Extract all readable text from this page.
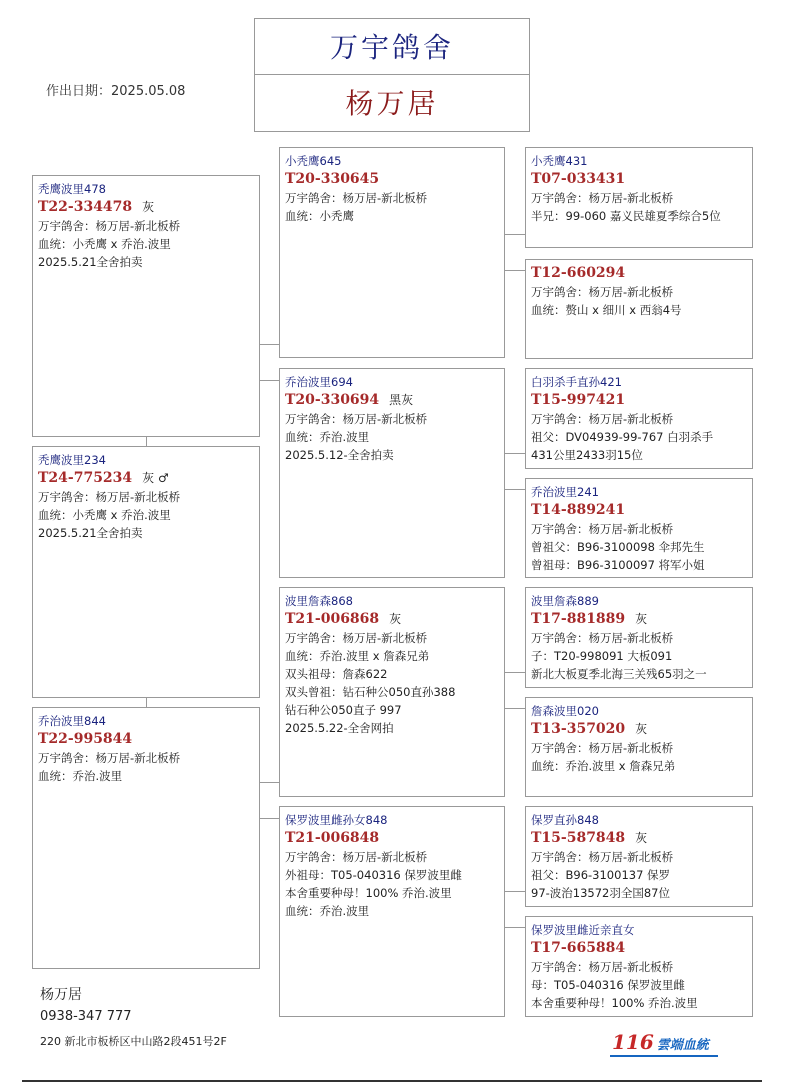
万宇鸽舍
杨万居
作出日期：2025.05.08
秃鹰波里478
T22-334478 灰
万宇鸽舍：杨万居-新北板桥
血统：小秃鹰 x 乔治.波里
2025.5.21全舍拍卖
秃鹰波里234
T24-775234 灰 ♂
万宇鸽舍：杨万居-新北板桥
血统：小秃鹰 x 乔治.波里
2025.5.21全舍拍卖
乔治波里844
T22-995844
万宇鸽舍：杨万居-新北板桥
血统：乔治.波里
小秃鹰645
T20-330645
万宇鸽舍：杨万居-新北板桥
血统：小秃鹰
乔治波里694
T20-330694 黑灰
万宇鸽舍：杨万居-新北板桥
血统：乔治.波里
2025.5.12-全舍拍卖
波里詹森868
T21-006868 灰
万宇鸽舍：杨万居-新北板桥
血统：乔治.波里 x 詹森兄弟
双头祖母：詹森622
双头曾祖：钻石种公050直孙388
钻石种公050直子 997
2025.5.22-全舍网拍
保罗波里雌孙女848
T21-006848
万宇鸽舍：杨万居-新北板桥
外祖母：T05-040316 保罗波里雌
本舍重要种母！100% 乔治.波里
血统：乔治.波里
小秃鹰431
T07-033431
万宇鸽舍：杨万居-新北板桥
半兄：99-060 嘉义民雄夏季综合5位
T12-660294
万宇鸽舍：杨万居-新北板桥
血统：赘山 x 细川 x 西翁4号
白羽杀手直孙421
T15-997421
万宇鸽舍：杨万居-新北板桥
祖父：DV04939-99-767 白羽杀手
431公里2433羽15位
乔治波里241
T14-889241
万宇鸽舍：杨万居-新北板桥
曾祖父：B96-3100098 伞邦先生
曾祖母：B96-3100097 将军小姐
波里詹森889
T17-881889 灰
万宇鸽舍：杨万居-新北板桥
子：T20-998091 大板091
新北大板夏季北海三关残65羽之一
詹森波里020
T13-357020 灰
万宇鸽舍：杨万居-新北板桥
血统：乔治.波里 x 詹森兄弟
保罗直孙848
T15-587848 灰
万宇鸽舍：杨万居-新北板桥
祖父：B96-3100137 保罗
97-波治13572羽全国87位
保罗波里雌近亲直女
T17-665884
万宇鸽舍：杨万居-新北板桥
母：T05-040316 保罗波里雌
本舍重要种母！100% 乔治.波里
杨万居
0938-347 777
220 新北市板桥区中山路2段451号2F	116 雲端血統
